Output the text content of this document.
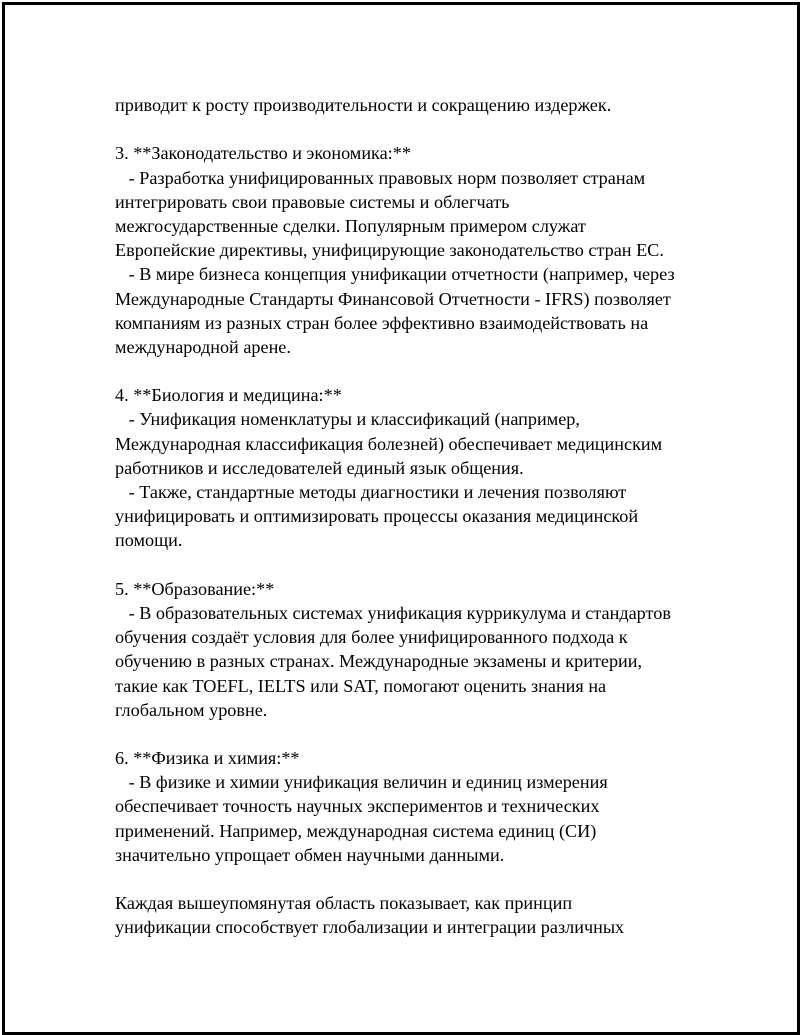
приводит к росту производительности и сокращению издержек.
3. **Законодательство и экономика:**
- Разработка унифицированных правовых норм позволяет странам
интегрировать свои правовые системы и облегчать
межгосударственные сделки. Популярным примером служат
Европейские директивы, унифицирующие законодательство стран ЕС.
- В мире бизнеса концепция унификации отчетности (например, через
Международные Стандарты Финансовой Отчетности - IFRS) позволяет
компаниям из разных стран более эффективно взаимодействовать на
международной арене.
4. **Биология и медицина:**
- Унификация номенклатуры и классификаций (например,
Международная классификация болезней) обеспечивает медицинским
работников и исследователей единый язык общения.
- Также, стандартные методы диагностики и лечения позволяют
унифицировать и оптимизировать процессы оказания медицинской
помощи.
5. **Образование:**
- В образовательных системах унификация куррикулума и стандартов
обучения создаёт условия для более унифицированного подхода к
обучению в разных странах. Международные экзамены и критерии,
такие как TOEFL, IELTS или SAT, помогают оценить знания на
глобальном уровне.
6. **Физика и химия:**
- В физике и химии унификация величин и единиц измерения
обеспечивает точность научных экспериментов и технических
применений. Например, международная система единиц (СИ)
значительно упрощает обмен научными данными.
Каждая вышеупомянутая область показывает, как принцип
унификации способствует глобализации и интеграции различных
